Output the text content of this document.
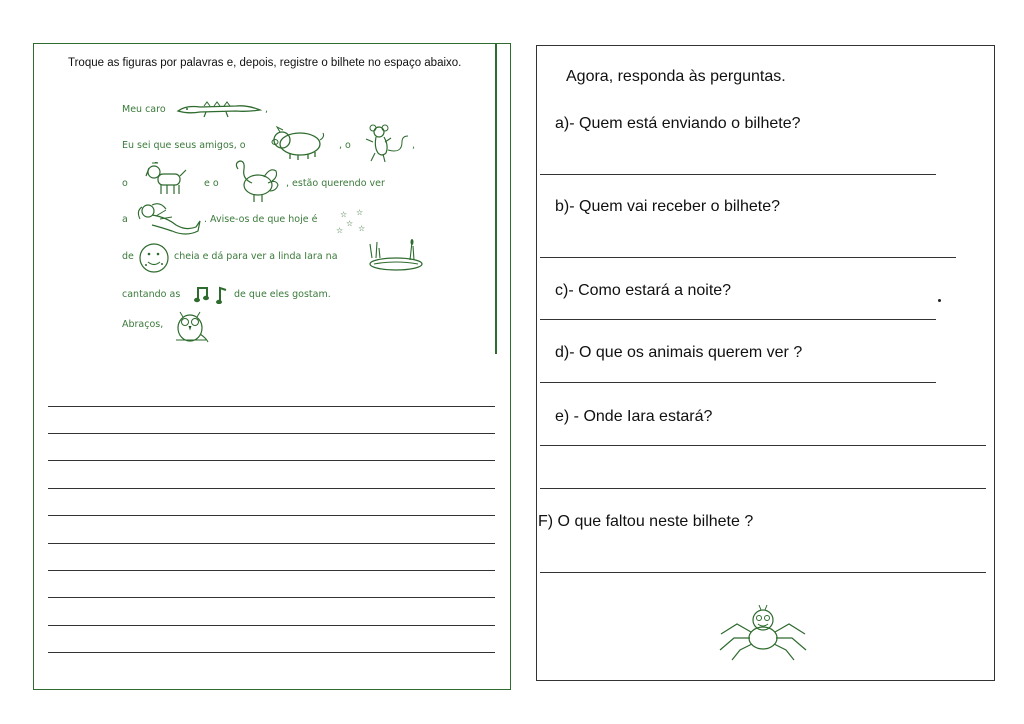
Troque as figuras por palavras e, depois, registre o bilhete no espaço abaixo.
Meu caro	,
Eu sei que seus amigos, o	, o	,
o	e o	, estão querendo ver
a	. Avise-os de que hoje é	☆ ☆
☆
☆ ☆
de	cheia e dá para ver a linda Iara na
cantando as	de que eles gostam.
Abraços,
Agora, responda às perguntas.
a)- Quem está enviando o bilhete?
b)- Quem vai receber o bilhete?
c)- Como estará a noite?
d)- O que os animais querem ver ?
e) - Onde Iara estará?
F) O que faltou neste bilhete ?
